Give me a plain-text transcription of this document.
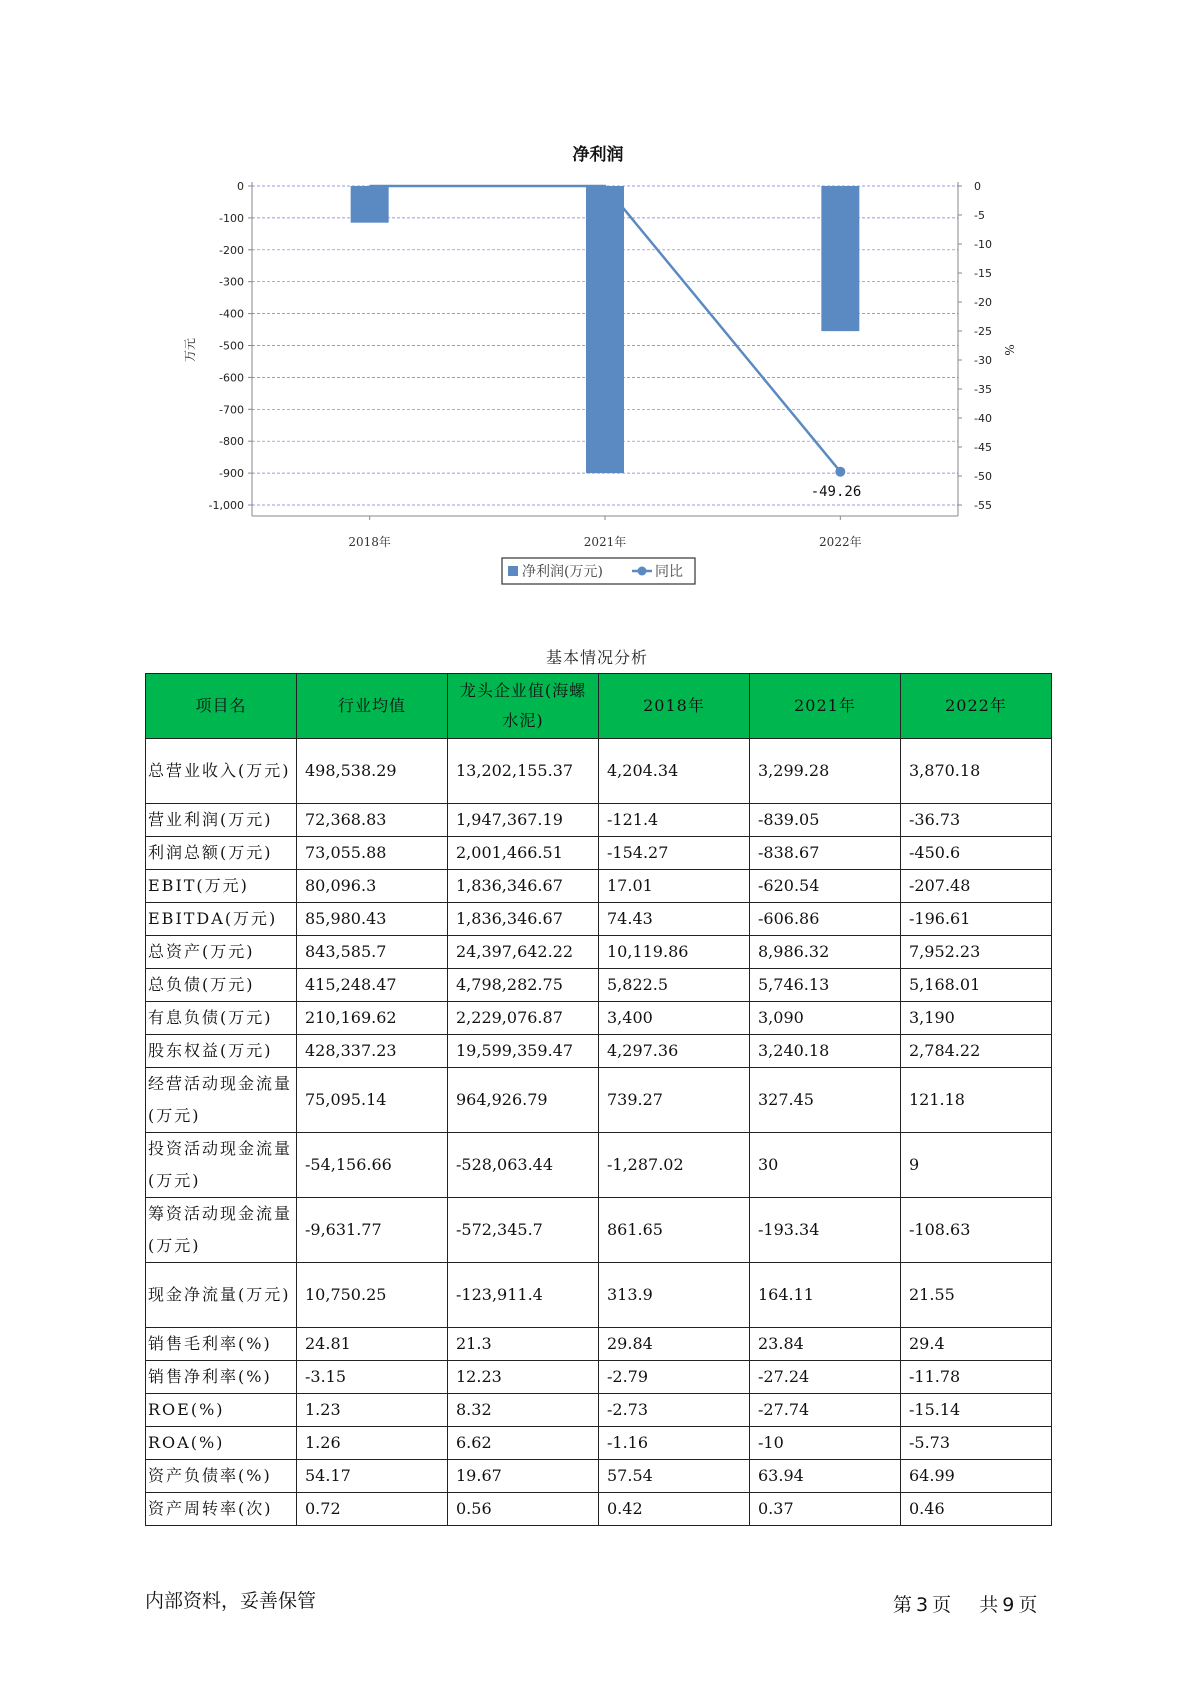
净利润
0
-100
-200
-300
-400
-500
-600
-700
-800
-900
-1,000
0
-5
-10
-15
-20
-25
-30
-35
-40
-45
-50
-55
2018年	2021年	2022年
万元	%
-49.26
净利润(万元)	同比
基本情况分析
项目名	行业均值	龙头企业值(海螺水泥)	2018年	2021年	2022年
总营业收入(万元)	498,538.29	13,202,155.37	4,204.34	3,299.28	3,870.18
营业利润(万元)	72,368.83	1,947,367.19	-121.4	-839.05	-36.73
利润总额(万元)	73,055.88	2,001,466.51	-154.27	-838.67	-450.6
EBIT(万元)	80,096.3	1,836,346.67	17.01	-620.54	-207.48
EBITDA(万元)	85,980.43	1,836,346.67	74.43	-606.86	-196.61
总资产(万元)	843,585.7	24,397,642.22	10,119.86	8,986.32	7,952.23
总负债(万元)	415,248.47	4,798,282.75	5,822.5	5,746.13	5,168.01
有息负债(万元)	210,169.62	2,229,076.87	3,400	3,090	3,190
股东权益(万元)	428,337.23	19,599,359.47	4,297.36	3,240.18	2,784.22
经营活动现金流量(万元)	75,095.14	964,926.79	739.27	327.45	121.18
投资活动现金流量(万元)	-54,156.66	-528,063.44	-1,287.02	30	9
筹资活动现金流量(万元)	-9,631.77	-572,345.7	861.65	-193.34	-108.63
现金净流量(万元)	10,750.25	-123,911.4	313.9	164.11	21.55
销售毛利率(%)	24.81	21.3	29.84	23.84	29.4
销售净利率(%)	-3.15	12.23	-2.79	-27.24	-11.78
ROE(%)	1.23	8.32	-2.73	-27.74	-15.14
ROA(%)	1.26	6.62	-1.16	-10	-5.73
资产负债率(%)	54.17	19.67	57.54	63.94	64.99
资产周转率(次)	0.72	0.56	0.42	0.37	0.46
内部资料，妥善保管	第 3 页 共 9 页
